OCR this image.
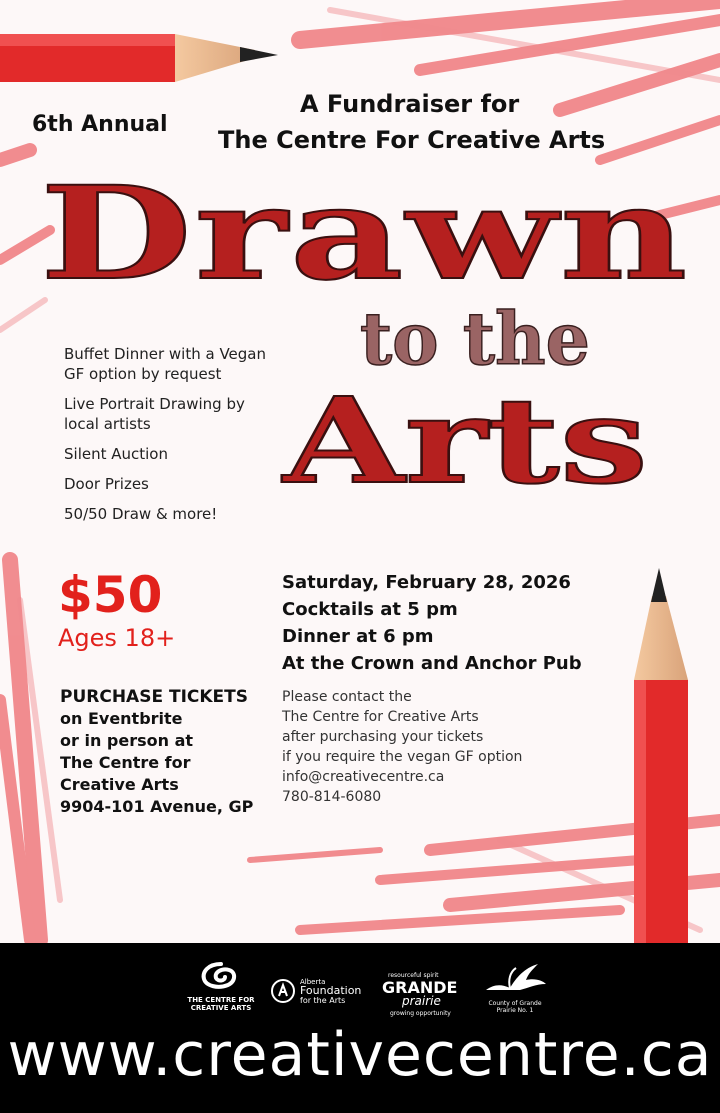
6th Annual
A Fundraiser for
The Centre For Creative Arts
Drawn
to the
Arts
Buffet Dinner with a Vegan GF option by request
Live Portrait Drawing by local artists
Silent Auction
Door Prizes
50/50 Draw & more!
$50
Ages 18+
PURCHASE TICKETS
on Eventbrite
or in person at
The Centre for
Creative Arts
9904-101 Avenue, GP
Saturday, February 28, 2026
Cocktails at 5 pm
Dinner at 6 pm
At the Crown and Anchor Pub
Please contact the
The Centre for Creative Arts
after purchasing your tickets
if you require the vegan GF option
info@creativecentre.ca
780-814-6080
THE CENTRE FOR CREATIVE ARTS
Alberta
Foundation
for the Arts
resourceful spirit
GRANDE
prairie
growing opportunity
County of Grande Prairie No. 1
www.creativecentre.ca
